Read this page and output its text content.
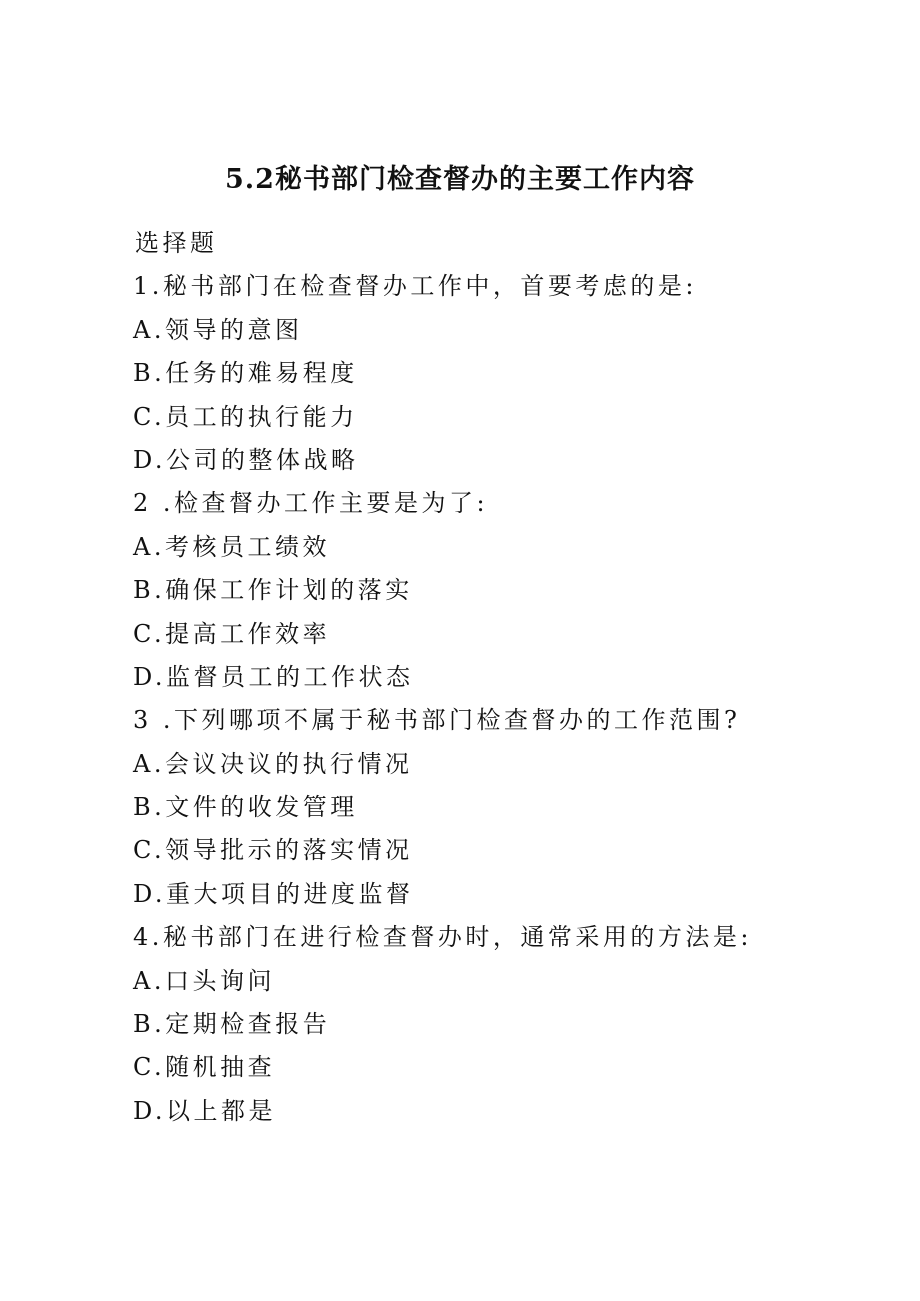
5.2秘书部门检查督办的主要工作内容
选择题
1.秘书部门在检查督办工作中，首要考虑的是:
A.领导的意图
B.任务的难易程度
C.员工的执行能力
D.公司的整体战略
2 .检查督办工作主要是为了:
A.考核员工绩效
B.确保工作计划的落实
C.提高工作效率
D.监督员工的工作状态
3 .下列哪项不属于秘书部门检查督办的工作范围?
A.会议决议的执行情况
B.文件的收发管理
C.领导批示的落实情况
D.重大项目的进度监督
4.秘书部门在进行检查督办时，通常采用的方法是:
A.口头询问
B.定期检查报告
C.随机抽查
D.以上都是
